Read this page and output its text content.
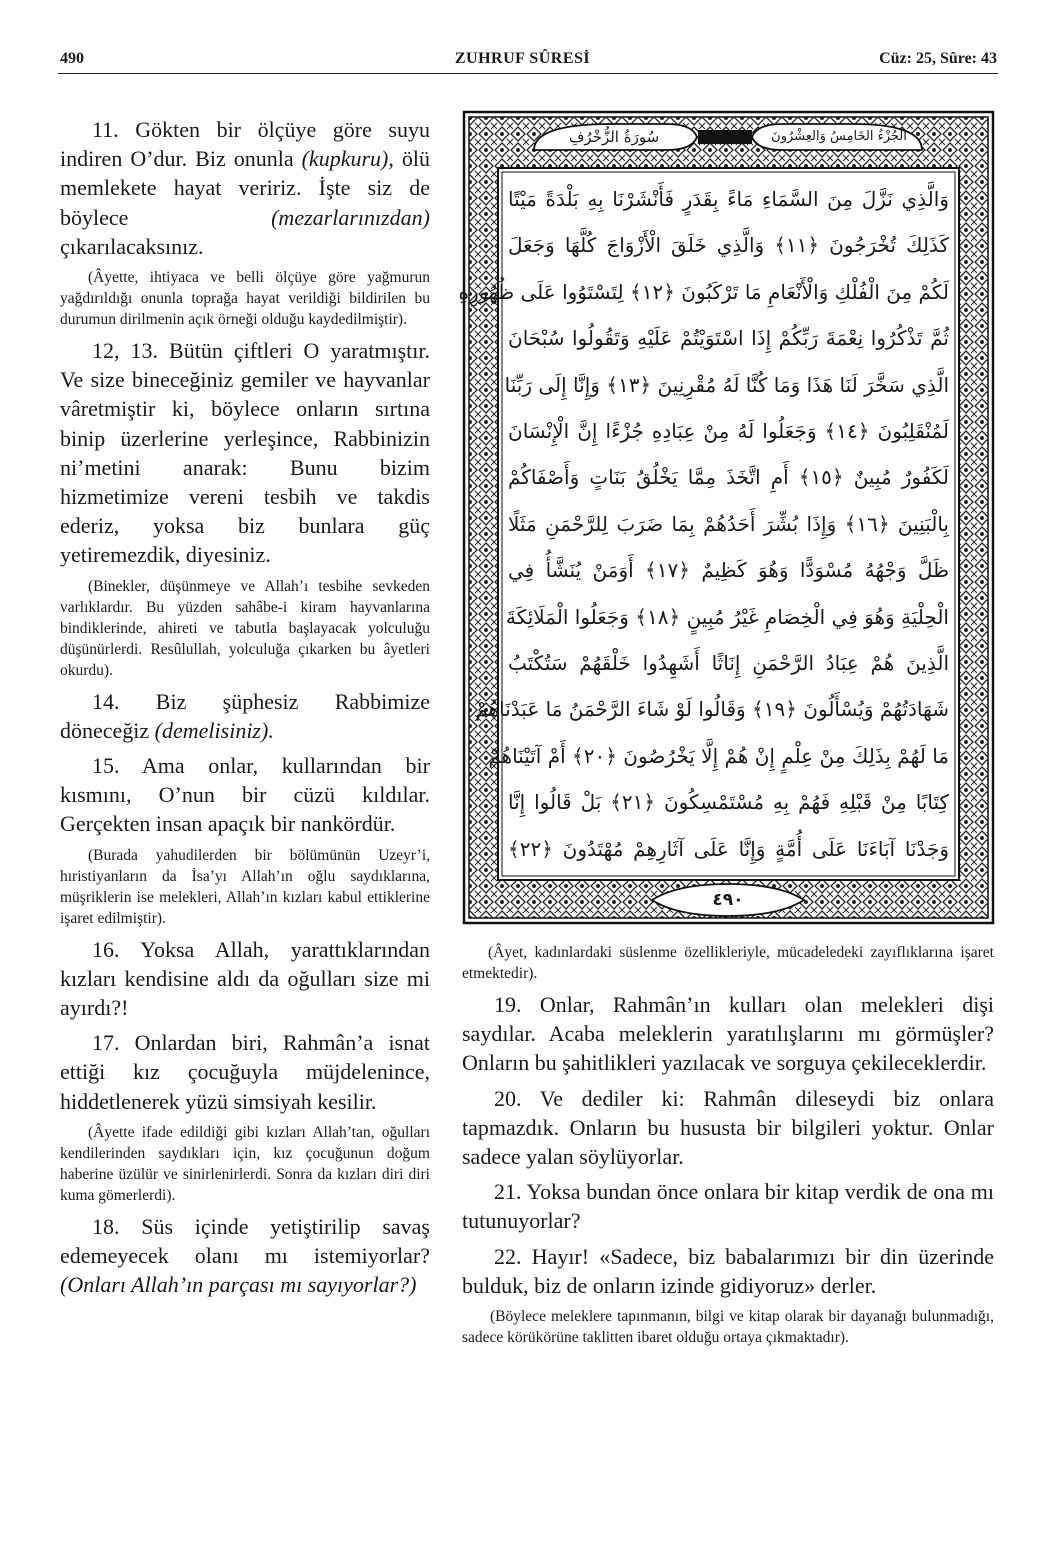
490	ZUHRUF SÛRESİ	Cüz: 25, Sûre: 43

11. Gökten bir ölçüye göre suyu indiren O’dur. Biz onunla (kupkuru), ölü memlekete hayat veririz. İşte siz de böylece (mezarlarınızdan) çıkarılacaksınız.

(Âyette, ihtiyaca ve belli ölçüye göre yağmurun yağdırıldığı onunla toprağa hayat verildiği bildirilen bu durumun dirilmenin açık örneği olduğu kaydedilmiştir).

12, 13. Bütün çiftleri O yaratmıştır. Ve size bineceğiniz gemiler ve hayvanlar vâretmiştir ki, böylece onların sırtına binip üzerlerine yerleşince, Rabbinizin ni’metini anarak: Bunu bizim hizmetimize vereni tesbih ve takdis ederiz, yoksa biz bunlara güç yetiremezdik, diyesiniz.

(Binekler, düşünmeye ve Allah’ı tesbihe sevkeden varlıklardır. Bu yüzden sahâbe-i kiram hayvanlarına bindiklerinde, ahireti ve tabutla başlayacak yolculuğu düşünürlerdi. Resûlullah, yolculuğa çıkarken bu âyetleri okurdu).

14. Biz şüphesiz Rabbimize döneceğiz (demelisiniz).

15. Ama onlar, kullarından bir kısmını, O’nun bir cüzü kıldılar. Gerçekten insan apaçık bir nankördür.

(Burada yahudilerden bir bölümünün Uzeyr’i, hıristiyanların da İsa’yı Allah’ın oğlu saydıklarına, müşriklerin ise melekleri, Allah’ın kızları kabul ettiklerine işaret edilmiştir).

16. Yoksa Allah, yarattıklarından kızları kendisine aldı da oğulları size mi ayırdı?!

17. Onlardan biri, Rahmân’a isnat ettiği kız çocuğuyla müjdelenince, hiddetlenerek yüzü simsiyah kesilir.

(Âyette ifade edildiği gibi kızları Allah’tan, oğulları kendilerinden saydıkları için, kız çocuğunun doğum haberine üzülür ve sinirlenirlerdi. Sonra da kızları diri diri kuma gömerlerdi).

18. Süs içinde yetiştirilip savaş edemeyecek olanı mı istemiyorlar? (Onları Allah’ın parçası mı sayıyorlar?)

سُورَةُ الزُّخْرُفِ	الجُزْءُ الخَامِسُ وَالعِشْرُونَ
٤٩٠
وَالَّذِي نَزَّلَ مِنَ السَّمَاءِ مَاءً بِقَدَرٍ فَأَنْشَرْنَا بِهِ بَلْدَةً مَيْتًا
كَذَلِكَ تُخْرَجُونَ ﴿١١﴾ وَالَّذِي خَلَقَ الْأَزْوَاجَ كُلَّهَا وَجَعَلَ
لَكُمْ مِنَ الْفُلْكِ وَالْأَنْعَامِ مَا تَرْكَبُونَ ﴿١٢﴾ لِتَسْتَوُوا عَلَى ظُهُورِهِ
ثُمَّ تَذْكُرُوا نِعْمَةَ رَبِّكُمْ إِذَا اسْتَوَيْتُمْ عَلَيْهِ وَتَقُولُوا سُبْحَانَ
الَّذِي سَخَّرَ لَنَا هَذَا وَمَا كُنَّا لَهُ مُقْرِنِينَ ﴿١٣﴾ وَإِنَّا إِلَى رَبِّنَا
لَمُنْقَلِبُونَ ﴿١٤﴾ وَجَعَلُوا لَهُ مِنْ عِبَادِهِ جُزْءًا إِنَّ الْإِنْسَانَ
لَكَفُورٌ مُبِينٌ ﴿١٥﴾ أَمِ اتَّخَذَ مِمَّا يَخْلُقُ بَنَاتٍ وَأَصْفَاكُمْ
بِالْبَنِينَ ﴿١٦﴾ وَإِذَا بُشِّرَ أَحَدُهُمْ بِمَا ضَرَبَ لِلرَّحْمَنِ مَثَلًا
ظَلَّ وَجْهُهُ مُسْوَدًّا وَهُوَ كَظِيمٌ ﴿١٧﴾ أَوَمَنْ يُنَشَّأُ فِي
الْحِلْيَةِ وَهُوَ فِي الْخِصَامِ غَيْرُ مُبِينٍ ﴿١٨﴾ وَجَعَلُوا الْمَلَائِكَةَ
الَّذِينَ هُمْ عِبَادُ الرَّحْمَنِ إِنَاثًا أَشَهِدُوا خَلْقَهُمْ سَتُكْتَبُ
شَهَادَتُهُمْ وَيُسْأَلُونَ ﴿١٩﴾ وَقَالُوا لَوْ شَاءَ الرَّحْمَنُ مَا عَبَدْنَاهُمْ
مَا لَهُمْ بِذَلِكَ مِنْ عِلْمٍ إِنْ هُمْ إِلَّا يَخْرُصُونَ ﴿٢٠﴾ أَمْ آتَيْنَاهُمْ
كِتَابًا مِنْ قَبْلِهِ فَهُمْ بِهِ مُسْتَمْسِكُونَ ﴿٢١﴾ بَلْ قَالُوا إِنَّا
وَجَدْنَا آبَاءَنَا عَلَى أُمَّةٍ وَإِنَّا عَلَى آثَارِهِمْ مُهْتَدُونَ ﴿٢٢﴾

(Âyet, kadınlardaki süslenme özellikleriyle, mücadeledeki zayıflıklarına işaret etmektedir).

19. Onlar, Rahmân’ın kulları olan melekleri dişi saydılar. Acaba meleklerin yaratılışlarını mı görmüşler? Onların bu şahitlikleri yazılacak ve sorguya çekileceklerdir.

20. Ve dediler ki: Rahmân dileseydi biz onlara tapmazdık. Onların bu hususta bir bilgileri yoktur. Onlar sadece yalan söylüyorlar.

21. Yoksa bundan önce onlara bir kitap verdik de ona mı tutunuyorlar?

22. Hayır! «Sadece, biz babalarımızı bir din üzerinde bulduk, biz de onların izinde gidiyoruz» derler.

(Böylece meleklere tapınmanın, bilgi ve kitap olarak bir dayanağı bulunmadığı, sadece körükörüne taklitten ibaret olduğu ortaya çıkmaktadır).
